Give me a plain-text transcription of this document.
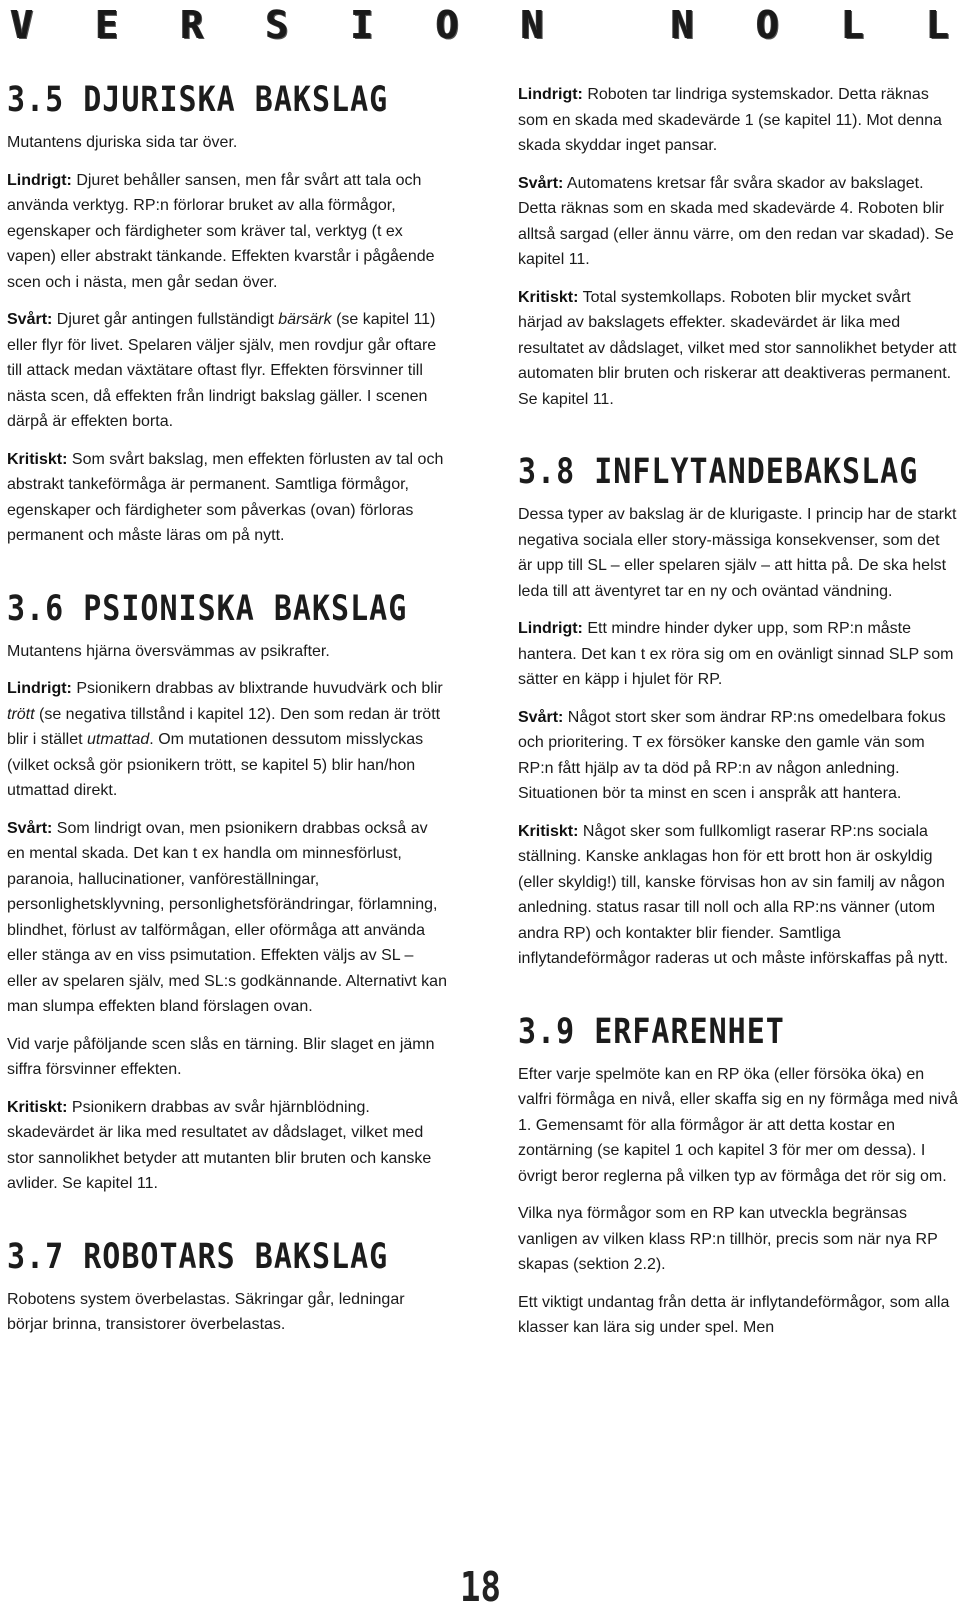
V E R S I O N	N O L L
3.5 DJURISKA BAKSLAG

Mutantens djuriska sida tar över.

Lindrigt: Djuret behåller sansen, men får svårt att tala och använda verktyg. RP:n förlorar bruket av alla förmågor, egenskaper och färdigheter som kräver tal, verktyg (t ex vapen) eller abstrakt tänkande. Effekten kvarstår i pågående scen och i nästa, men går sedan över.

Svårt: Djuret går antingen fullständigt bärsärk (se kapitel 11) eller flyr för livet. Spelaren väljer själv, men rovdjur går oftare till attack medan växtätare oftast flyr. Effekten försvinner till nästa scen, då effekten från lindrigt bakslag gäller. I scenen därpå är effekten borta.

Kritiskt: Som svårt bakslag, men effekten förlusten av tal och abstrakt tankeförmåga är permanent. Samtliga förmågor, egenskaper och färdigheter som påverkas (ovan) förloras permanent och måste läras om på nytt.

3.6 PSIONISKA BAKSLAG

Mutantens hjärna översvämmas av psikrafter.

Lindrigt: Psionikern drabbas av blixtrande huvudvärk och blir trött (se negativa tillstånd i kapitel 12). Den som redan är trött blir i stället utmattad. Om mutationen dessutom misslyckas (vilket också gör psionikern trött, se kapitel 5) blir han/hon utmattad direkt.

Svårt: Som lindrigt ovan, men psionikern drabbas också av en mental skada. Det kan t ex handla om minnesförlust, paranoia, hallucinationer, vanföreställningar, personlighetsklyvning, personlighetsförändringar, förlamning, blindhet, förlust av talförmågan, eller oförmåga att använda eller stänga av en viss psimutation. Effekten väljs av SL – eller av spelaren själv, med SL:s godkännande. Alternativt kan man slumpa effekten bland förslagen ovan.

Vid varje påföljande scen slås en tärning. Blir slaget en jämn siffra försvinner effekten.

Kritiskt: Psionikern drabbas av svår hjärnblödning. skadevärdet är lika med resultatet av dådslaget, vilket med stor sannolikhet betyder att mutanten blir bruten och kanske avlider. Se kapitel 11.

3.7 ROBOTARS BAKSLAG

Robotens system överbelastas. Säkringar går, ledningar börjar brinna, transistorer överbelastas.

Lindrigt: Roboten tar lindriga systemskador. Detta räknas som en skada med skadevärde 1 (se kapitel 11). Mot denna skada skyddar inget pansar.

Svårt: Automatens kretsar får svåra skador av bakslaget. Detta räknas som en skada med skadevärde 4. Roboten blir alltså sargad (eller ännu värre, om den redan var skadad). Se kapitel 11.

Kritiskt: Total systemkollaps. Roboten blir mycket svårt härjad av bakslagets effekter. skadevärdet är lika med resultatet av dådslaget, vilket med stor sannolikhet betyder att automaten blir bruten och riskerar att deaktiveras permanent. Se kapitel 11.

3.8 INFLYTANDEBAKSLAG

Dessa typer av bakslag är de klurigaste. I princip har de starkt negativa sociala eller story-mässiga konsekvenser, som det är upp till SL – eller spelaren själv – att hitta på. De ska helst leda till att äventyret tar en ny och oväntad vändning.

Lindrigt: Ett mindre hinder dyker upp, som RP:n måste hantera. Det kan t ex röra sig om en ovänligt sinnad SLP som sätter en käpp i hjulet för RP.

Svårt: Något stort sker som ändrar RP:ns omedelbara fokus och prioritering. T ex försöker kanske den gamle vän som RP:n fått hjälp av ta död på RP:n av någon anledning. Situationen bör ta minst en scen i anspråk att hantera.

Kritiskt: Något sker som fullkomligt raserar RP:ns sociala ställning. Kanske anklagas hon för ett brott hon är oskyldig (eller skyldig!) till, kanske förvisas hon av sin familj av någon anledning. status rasar till noll och alla RP:ns vänner (utom andra RP) och kontakter blir fiender. Samtliga inflytandeförmågor raderas ut och måste införskaffas på nytt.

3.9 ERFARENHET

Efter varje spelmöte kan en RP öka (eller försöka öka) en valfri förmåga en nivå, eller skaffa sig en ny förmåga med nivå 1. Gemensamt för alla förmågor är att detta kostar en zontärning (se kapitel 1 och kapitel 3 för mer om dessa). I övrigt beror reglerna på vilken typ av förmåga det rör sig om.

Vilka nya förmågor som en RP kan utveckla begränsas vanligen av vilken klass RP:n tillhör, precis som när nya RP skapas (sektion 2.2).

Ett viktigt undantag från detta är inflytandeförmågor, som alla klasser kan lära sig under spel. Men

18
